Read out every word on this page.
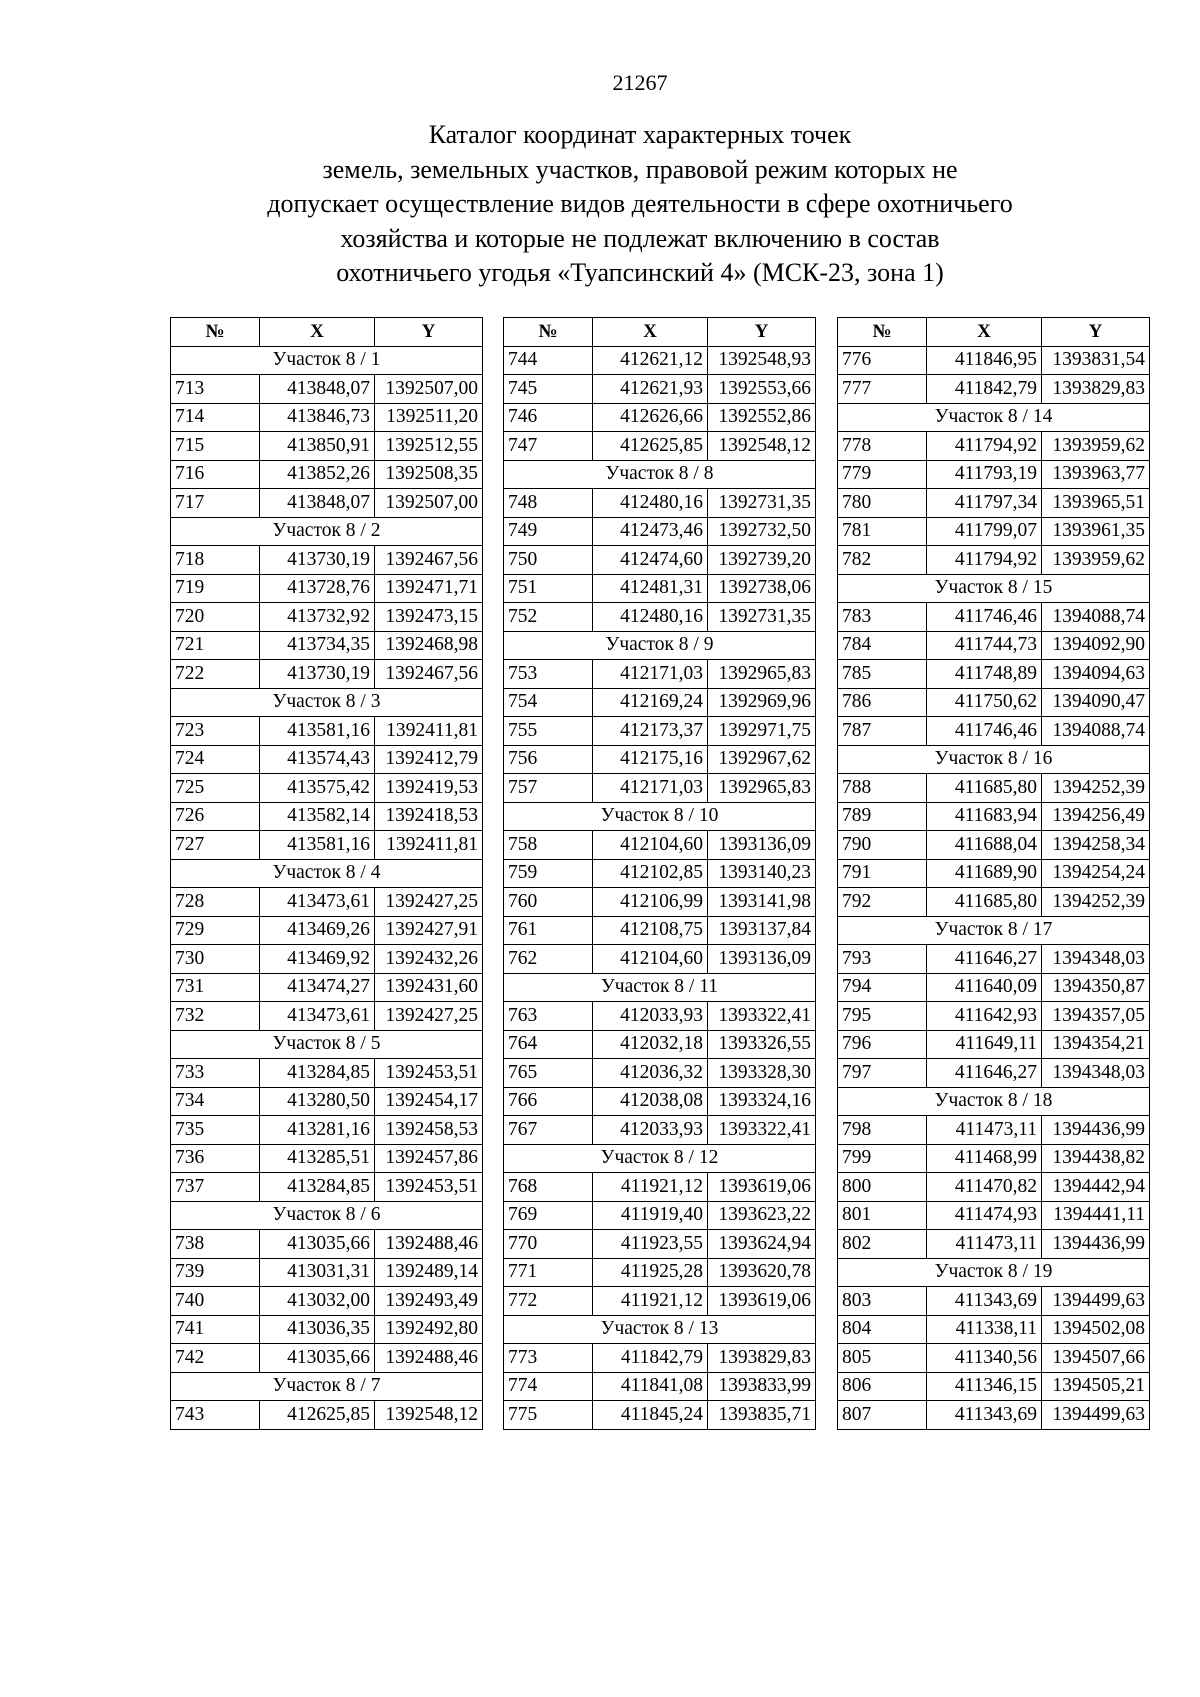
21267
Каталог координат характерных точек
земель, земельных участков, правовой режим которых не
допускает осуществление видов деятельности в сфере охотничьего
хозяйства и которые не подлежат включению в состав
охотничьего угодья «Туапсинский 4» (МСК-23, зона 1)
№	X	Y
Участок 8 / 1		
713	413848,07	1392507,00
714	413846,73	1392511,20
715	413850,91	1392512,55
716	413852,26	1392508,35
717	413848,07	1392507,00
Участок 8 / 2		
718	413730,19	1392467,56
719	413728,76	1392471,71
720	413732,92	1392473,15
721	413734,35	1392468,98
722	413730,19	1392467,56
Участок 8 / 3		
723	413581,16	1392411,81
724	413574,43	1392412,79
725	413575,42	1392419,53
726	413582,14	1392418,53
727	413581,16	1392411,81
Участок 8 / 4		
728	413473,61	1392427,25
729	413469,26	1392427,91
730	413469,92	1392432,26
731	413474,27	1392431,60
732	413473,61	1392427,25
Участок 8 / 5		
733	413284,85	1392453,51
734	413280,50	1392454,17
735	413281,16	1392458,53
736	413285,51	1392457,86
737	413284,85	1392453,51
Участок 8 / 6		
738	413035,66	1392488,46
739	413031,31	1392489,14
740	413032,00	1392493,49
741	413036,35	1392492,80
742	413035,66	1392488,46
Участок 8 / 7		
743	412625,85	1392548,12
№	X	Y
744	412621,12	1392548,93
745	412621,93	1392553,66
746	412626,66	1392552,86
747	412625,85	1392548,12
Участок 8 / 8		
748	412480,16	1392731,35
749	412473,46	1392732,50
750	412474,60	1392739,20
751	412481,31	1392738,06
752	412480,16	1392731,35
Участок 8 / 9		
753	412171,03	1392965,83
754	412169,24	1392969,96
755	412173,37	1392971,75
756	412175,16	1392967,62
757	412171,03	1392965,83
Участок 8 / 10		
758	412104,60	1393136,09
759	412102,85	1393140,23
760	412106,99	1393141,98
761	412108,75	1393137,84
762	412104,60	1393136,09
Участок 8 / 11		
763	412033,93	1393322,41
764	412032,18	1393326,55
765	412036,32	1393328,30
766	412038,08	1393324,16
767	412033,93	1393322,41
Участок 8 / 12		
768	411921,12	1393619,06
769	411919,40	1393623,22
770	411923,55	1393624,94
771	411925,28	1393620,78
772	411921,12	1393619,06
Участок 8 / 13		
773	411842,79	1393829,83
774	411841,08	1393833,99
775	411845,24	1393835,71
№	X	Y
776	411846,95	1393831,54
777	411842,79	1393829,83
Участок 8 / 14		
778	411794,92	1393959,62
779	411793,19	1393963,77
780	411797,34	1393965,51
781	411799,07	1393961,35
782	411794,92	1393959,62
Участок 8 / 15		
783	411746,46	1394088,74
784	411744,73	1394092,90
785	411748,89	1394094,63
786	411750,62	1394090,47
787	411746,46	1394088,74
Участок 8 / 16		
788	411685,80	1394252,39
789	411683,94	1394256,49
790	411688,04	1394258,34
791	411689,90	1394254,24
792	411685,80	1394252,39
Участок 8 / 17		
793	411646,27	1394348,03
794	411640,09	1394350,87
795	411642,93	1394357,05
796	411649,11	1394354,21
797	411646,27	1394348,03
Участок 8 / 18		
798	411473,11	1394436,99
799	411468,99	1394438,82
800	411470,82	1394442,94
801	411474,93	1394441,11
802	411473,11	1394436,99
Участок 8 / 19		
803	411343,69	1394499,63
804	411338,11	1394502,08
805	411340,56	1394507,66
806	411346,15	1394505,21
807	411343,69	1394499,63
